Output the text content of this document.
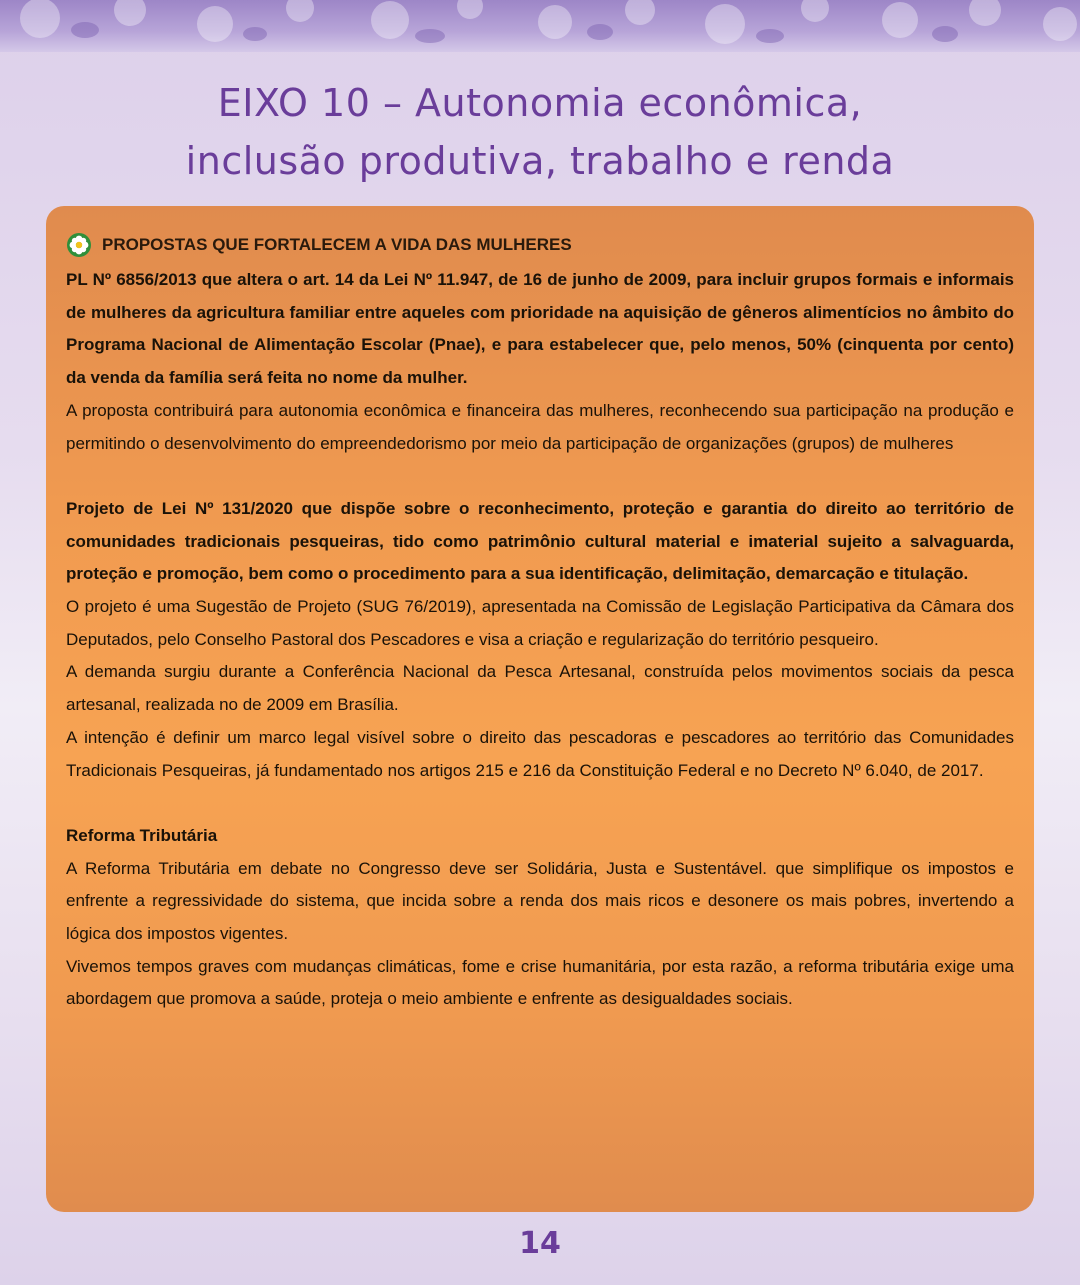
EIXO 10 – Autonomia econômica,
inclusão produtiva, trabalho e renda
PROPOSTAS QUE FORTALECEM A VIDA DAS MULHERES

PL Nº 6856/2013 que altera o art. 14 da Lei Nº 11.947, de 16 de junho de 2009, para incluir grupos formais e informais de mulheres da agricultura familiar entre aqueles com prioridade na aquisição de gêneros alimentícios no âmbito do Programa Nacional de Alimentação Escolar (Pnae), e para estabelecer que, pelo menos, 50% (cinquenta por cento) da venda da família será feita no nome da mulher.

A proposta contribuirá para autonomia econômica e financeira das mulheres, reconhecendo sua participação na produção e permitindo o desenvolvimento do empreendedorismo por meio da participação de organizações (grupos) de mulheres

Projeto de Lei Nº 131/2020 que dispõe sobre o reconhecimento, proteção e garantia do direito ao território de comunidades tradicionais pesqueiras, tido como patrimônio cultural material e imaterial sujeito a salvaguarda, proteção e promoção, bem como o procedimento para a sua identificação, delimitação, demarcação e titulação.

O projeto é uma Sugestão de Projeto (SUG 76/2019), apresentada na Comissão de Legislação Participativa da Câmara dos Deputados, pelo Conselho Pastoral dos Pescadores e visa a criação e regularização do território pesqueiro.

A demanda surgiu durante a Conferência Nacional da Pesca Artesanal, construída pelos movimentos sociais da pesca artesanal, realizada no de 2009 em Brasília.

A intenção é definir um marco legal visível sobre o direito das pescadoras e pescadores ao território das Comunidades Tradicionais Pesqueiras, já fundamentado nos artigos 215 e 216 da Constituição Federal e no Decreto Nº 6.040, de 2017.

Reforma Tributária

A Reforma Tributária em debate no Congresso deve ser Solidária, Justa e Sustentável. que simplifique os impostos e enfrente a regressividade do sistema, que incida sobre a renda dos mais ricos e desonere os mais pobres, invertendo a lógica dos impostos vigentes.

Vivemos tempos graves com mudanças climáticas, fome e crise humanitária, por esta razão, a reforma tributária exige uma abordagem que promova a saúde, proteja o meio ambiente e enfrente as desigualdades sociais.

14
